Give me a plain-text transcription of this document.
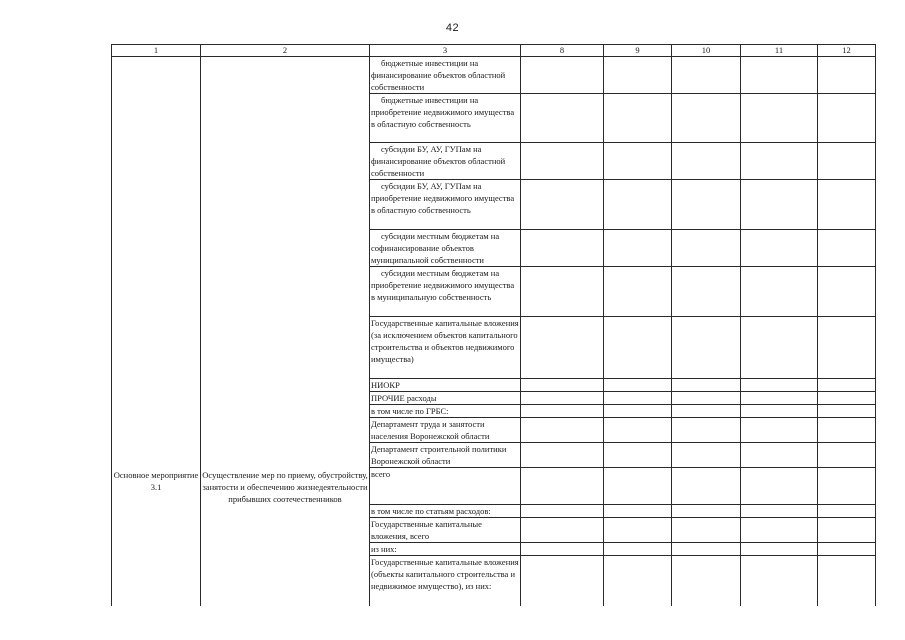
42
1	2	3	8	9	10	11	12
		бюджетные инвестиции на финансирование объектов областной собственности					
		бюджетные инвестиции на приобретение недвижимого имущества в областную собственность					
		субсидии БУ, АУ, ГУПам на финансирование объектов областной собственности					
		субсидии БУ, АУ, ГУПам на приобретение недвижимого имущества в областную собственность					
		субсидии местным бюджетам на софинансирование объектов муниципальной собственности					
		субсидии местным бюджетам на приобретение недвижимого имущества в муниципальную собственность					
		Государственные капитальные вложения (за исключением объектов капитального строительства и объектов недвижимого имущества)					
		НИОКР					
		ПРОЧИЕ расходы					
		в том числе по ГРБС:					
		Департамент труда и занятости населения Воронежской области					
		Департамент строительной политики Воронежской области					
Основное мероприятие 3.1	Осуществление мер по приему, обустройству, занятости и обеспечению жизнедеятельности прибывших соотечественников	всего					
		в том числе по статьям расходов:					
		Государственные капитальные вложения, всего					
		из них:					
		Государственные капитальные вложения (объекты капитального строительства и недвижимое имущество), из них:					
